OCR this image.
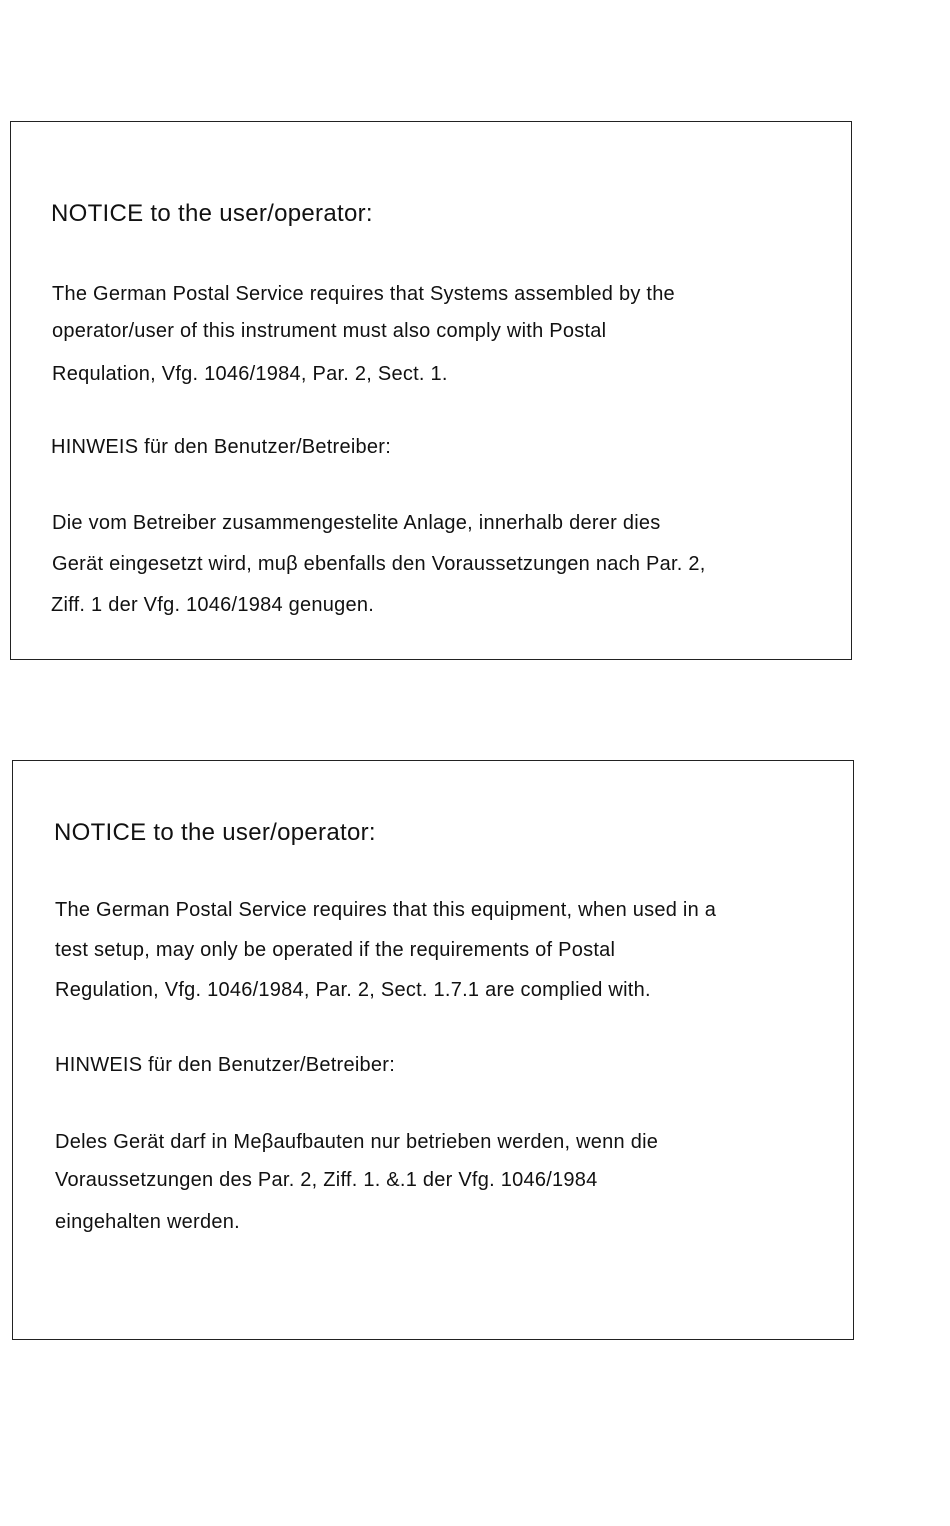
NOTICE to the user/operator:
The German Postal Service requires that Systems assembled by the
operator/user of this instrument must also comply with Postal
Requlation, Vfg. 1046/1984, Par. 2, Sect. 1.
HINWEIS für den Benutzer/Betreiber:
Die vom Betreiber zusammengestelite Anlage, innerhalb derer dies
Gerät eingesetzt wird, muβ ebenfalls den Voraussetzungen nach Par. 2,
Ziff. 1 der Vfg. 1046/1984 genugen.
NOTICE to the user/operator:
The German Postal Service requires that this equipment, when used in a
test setup, may only be operated if the requirements of Postal
Regulation, Vfg. 1046/1984, Par. 2, Sect. 1.7.1 are complied with.
HINWEIS für den Benutzer/Betreiber:
Deles Gerät darf in Meβaufbauten nur betrieben werden, wenn die
Voraussetzungen des Par. 2, Ziff. 1. &.1 der Vfg. 1046/1984
eingehalten werden.
